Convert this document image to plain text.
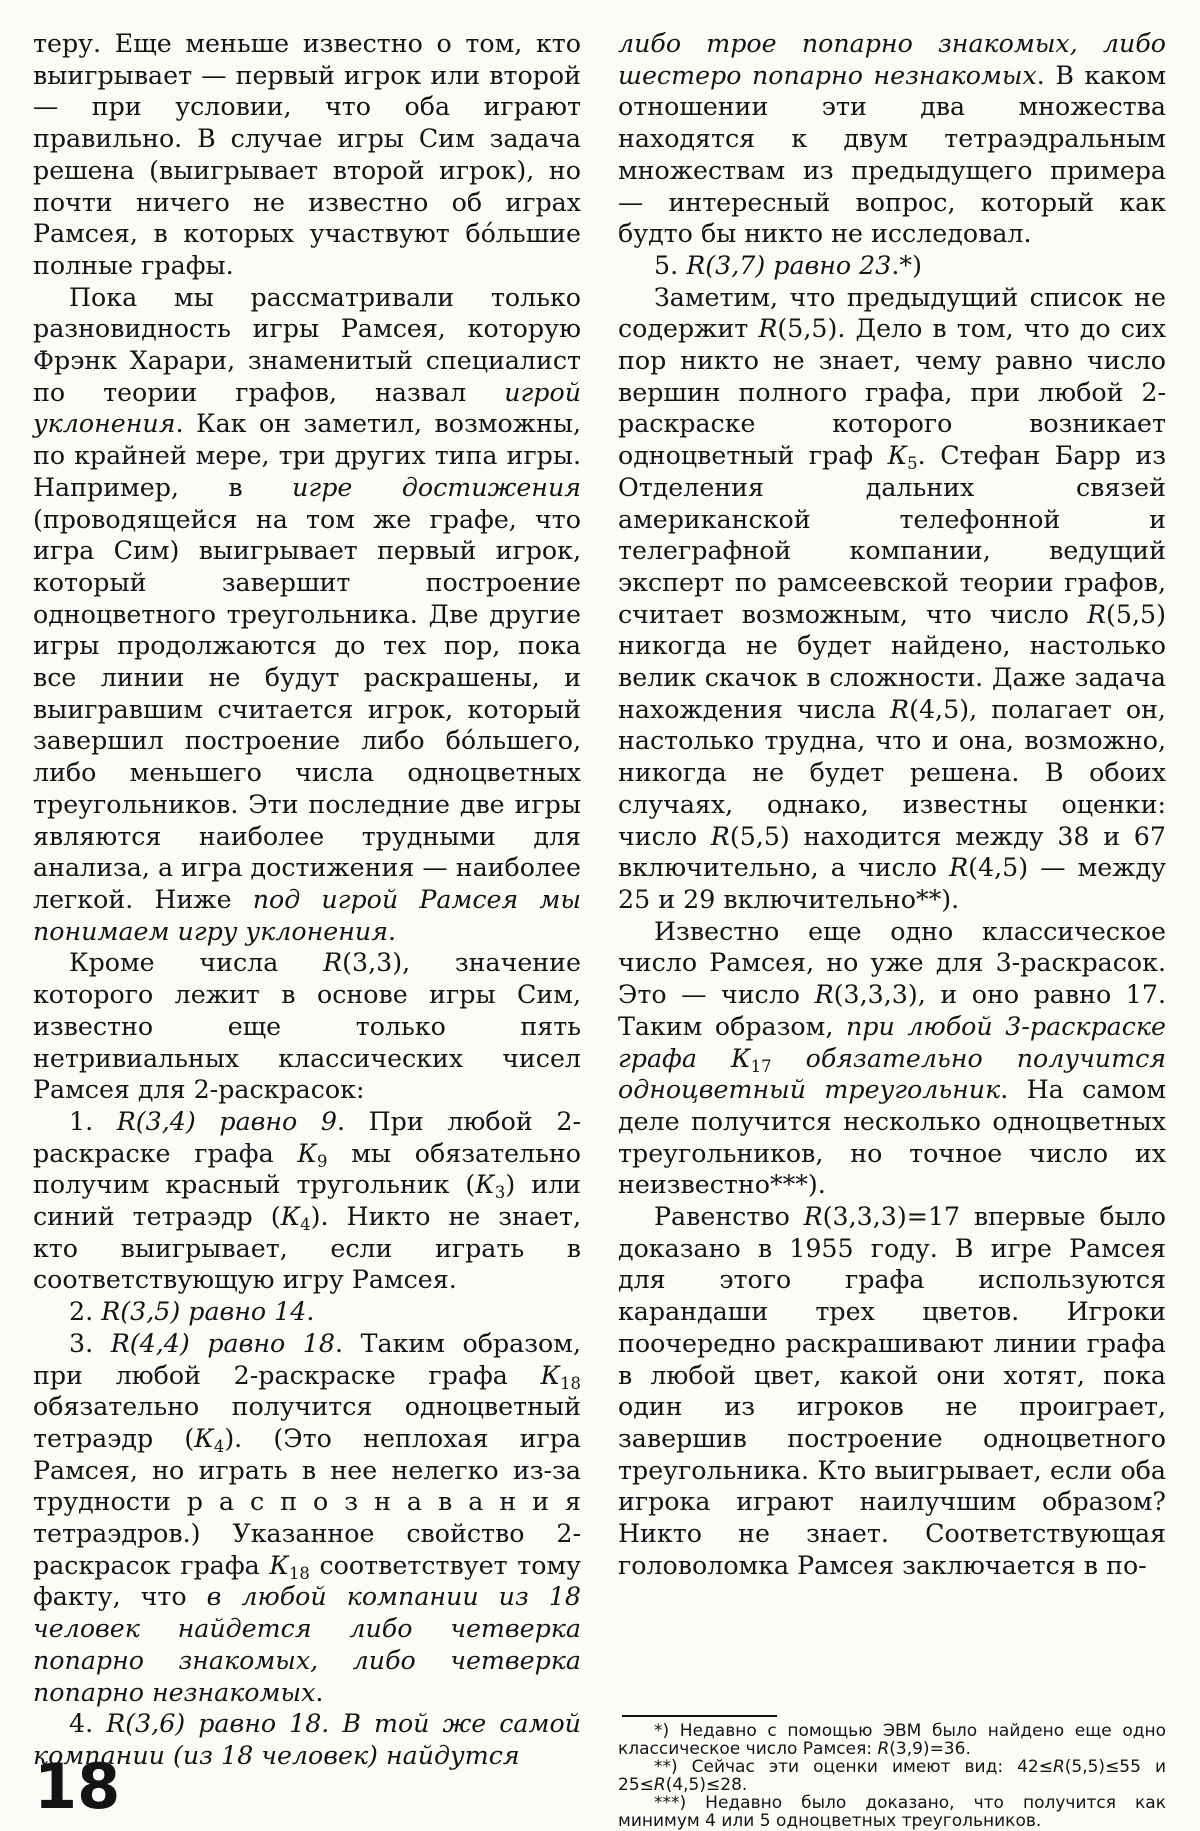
теру. Еще меньше известно о том, кто выигрывает — первый игрок или второй — при условии, что оба играют правильно. В случае игры Сим задача решена (выигрывает второй игрок), но почти ничего не известно об играх Рамсея, в которых участвуют бо́льшие полные графы.

Пока мы рассматривали только разновидность игры Рамсея, которую Фрэнк Харари, знаменитый специалист по теории графов, назвал игрой уклонения. Как он заметил, возможны, по крайней мере, три других типа игры. Например, в игре достижения (проводящейся на том же графе, что игра Сим) выигрывает первый игрок, который завершит построение одноцветного треугольника. Две другие игры продолжаются до тех пор, пока все линии не будут раскрашены, и выигравшим считается игрок, который завершил построение либо бо́льшего, либо меньшего числа одноцветных треугольников. Эти последние две игры являются наиболее трудными для анализа, а игра достижения — наиболее легкой. Ниже под игрой Рамсея мы понимаем игру уклонения.

Кроме числа R(3,3), значение которого лежит в основе игры Сим, известно еще только пять нетривиальных классических чисел Рамсея для 2-раскрасок:

1. R(3,4) равно 9. При любой 2-раскраске графа $К_9$ мы обязательно получим красный тругольник $(К_3)$ или синий тетраэдр $(К_4)$. Никто не знает, кто выигрывает, если играть в соответствующую игру Рамсея.

2. R(3,5) равно 14.

3. R(4,4) равно 18. Таким образом, при любой 2-раскраске графа $К_{18}$ обязательно получится одноцветный тетраэдр $(К_4)$. (Это неплохая игра Рамсея, но играть в нее нелегко из-за трудности р а с п о з н а в а н и я тетраэдров.) Указанное свойство 2-раскрасок графа $К_{18}$ соответствует тому факту, что в любой компании из 18 человек найдется либо четверка попарно знакомых, либо четверка попарно незнакомых.

4. R(3,6) равно 18. В той же самой компании (из 18 человек) найдутся

либо трое попарно знакомых, либо шестеро попарно незнакомых. В каком отношении эти два множества находятся к двум тетраэдральным множествам из предыдущего примера — интересный вопрос, который как будто бы никто не исследовал.

5. R(3,7) равно 23.*)

Заметим, что предыдущий список не содержит R(5,5). Дело в том, что до сих пор никто не знает, чему равно число вершин полного графа, при любой 2-раскраске которого возникает одноцветный граф $К_5$. Стефан Барр из Отделения дальних связей американской телефонной и телеграфной компании, ведущий эксперт по рамсеевской теории графов, считает возможным, что число R(5,5) никогда не будет найдено, настолько велик скачок в сложности. Даже задача нахождения числа R(4,5), полагает он, настолько трудна, что и она, возможно, никогда не будет решена. В обоих случаях, однако, известны оценки: число R(5,5) находится между 38 и 67 включительно, а число R(4,5) — между 25 и 29 включительно**).

Известно еще одно классическое число Рамсея, но уже для 3-раскрасок. Это — число R(3,3,3), и оно равно 17. Таким образом, при любой 3-раскраске графа $К_{17}$ обязательно получится одноцветный треугольник. На самом деле получится несколько одноцветных треугольников, но точное число их неизвестно***).

Равенство R(3,3,3)=17 впервые было доказано в 1955 году. В игре Рамсея для этого графа используются карандаши трех цветов. Игроки поочередно раскрашивают линии графа в любой цвет, какой они хотят, пока один из игроков не проиграет, завершив построение одноцветного треугольника. Кто выигрывает, если оба игрока играют наилучшим образом? Никто не знает. Соответствующая головоломка Рамсея заключается в по-

*) Недавно с помощью ЭВМ было найдено еще одно классическое число Рамсея: R(3,9)=36.

**) Сейчас эти оценки имеют вид: 42≤R(5,5)≤55 и 25≤R(4,5)≤28.

***) Недавно было доказано, что получится как минимум 4 или 5 одноцветных треугольников.

18
